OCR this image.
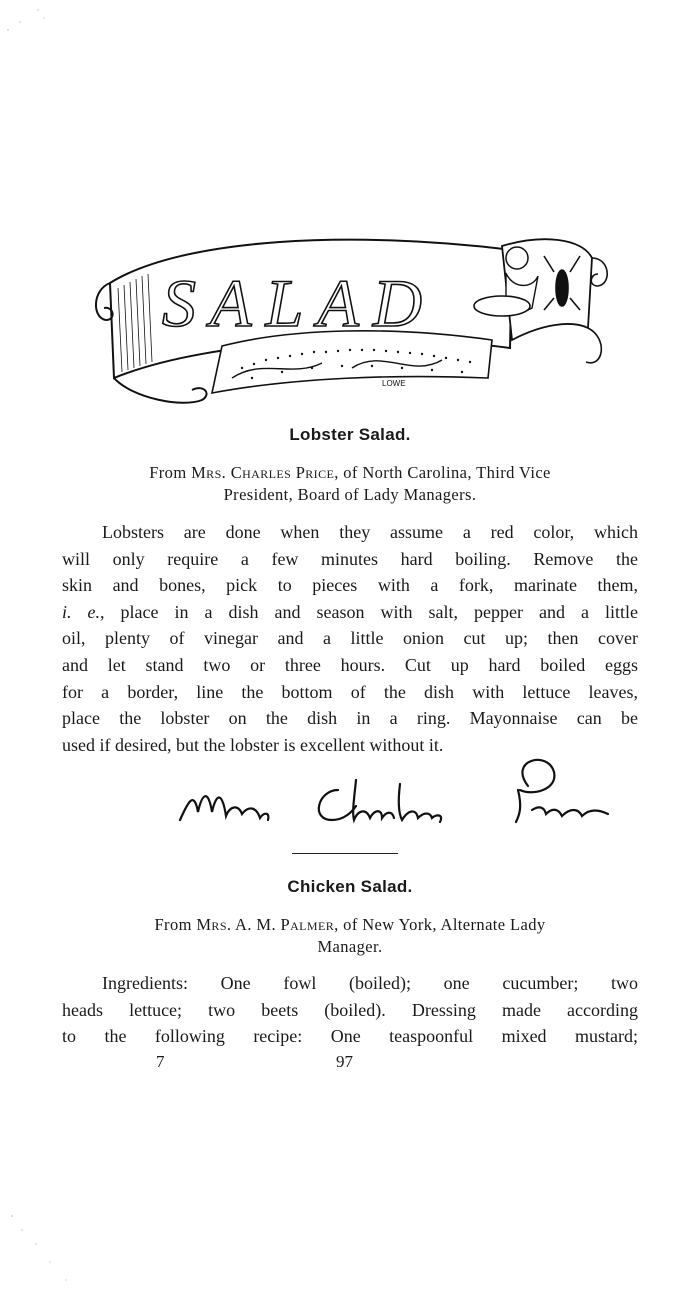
SALAD
LOWE
Lobster Salad.
From Mrs. Charles Price, of North Carolina, Third Vice
President, Board of Lady Managers.
Lobsters are done when they assume a red color, which
will only require a few minutes hard boiling. Remove the
skin and bones, pick to pieces with a fork, marinate them,
i. e., place in a dish and season with salt, pepper and a little
oil, plenty of vinegar and a little onion cut up; then cover
and let stand two or three hours. Cut up hard boiled eggs
for a border, line the bottom of the dish with lettuce leaves,
place the lobster on the dish in a ring. Mayonnaise can be
used if desired, but the lobster is excellent without it.
Chicken Salad.
From Mrs. A. M. Palmer, of New York, Alternate Lady
Manager.
Ingredients: One fowl (boiled); one cucumber; two
heads lettuce; two beets (boiled). Dressing made according
to the following recipe: One teaspoonful mixed mustard;
7	97
